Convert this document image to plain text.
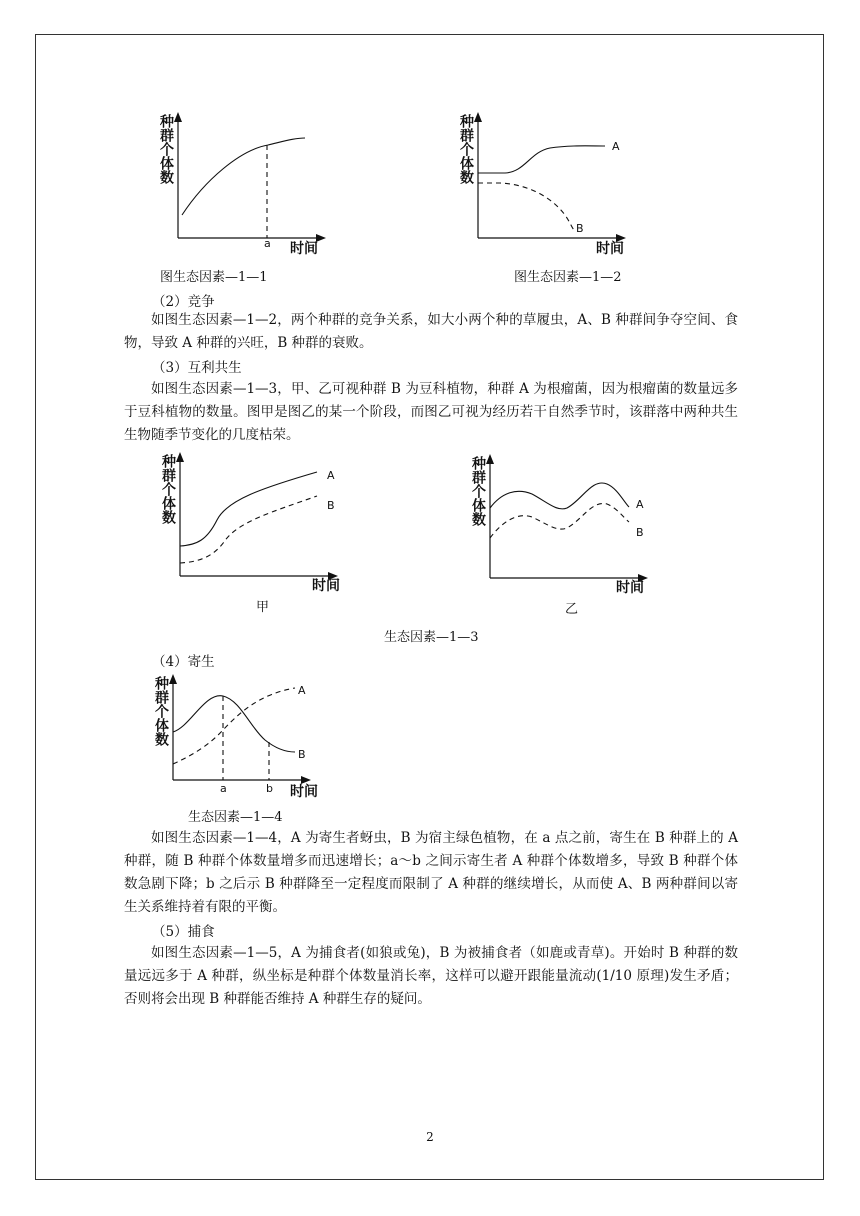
种群个体数
a 时间
图生态因素—1—1
种群个体数	A
B
时间
图生态因素—1—2
（2）竞争
如图生态因素—1—2，两个种群的竞争关系，如大小两个种的草履虫，A、B 种群间争夺空间、食物，导致 A 种群的兴旺，B 种群的衰败。
（3）互利共生
如图生态因素—1—3，甲、乙可视种群 B 为豆科植物，种群 A 为根瘤菌，因为根瘤菌的数量远多于豆科植物的数量。图甲是图乙的某一个阶段，而图乙可视为经历若干自然季节时，该群落中两种共生生物随季节变化的几度枯荣。
种群个体数	A
B
时间
甲
种群个体数	A
B
时间
乙
生态因素—1—3
（4）寄生
种群个体数	A
B
a	b 时间
生态因素—1—4
如图生态因素—1—4，A 为寄生者蚜虫，B 为宿主绿色植物，在 a 点之前，寄生在 B 种群上的 A 种群，随 B 种群个体数量增多而迅速增长；a～b 之间示寄生者 A 种群个体数增多，导致 B 种群个体数急剧下降；b 之后示 B 种群降至一定程度而限制了 A 种群的继续增长，从而使 A、B 两种群间以寄生关系维持着有限的平衡。
（5）捕食
如图生态因素—1—5，A 为捕食者(如狼或兔)，B 为被捕食者（如鹿或青草)。开始时 B 种群的数量远远多于 A 种群，纵坐标是种群个体数量消长率，这样可以避开跟能量流动(1/10 原理)发生矛盾；否则将会出现 B 种群能否维持 A 种群生存的疑问。
2
